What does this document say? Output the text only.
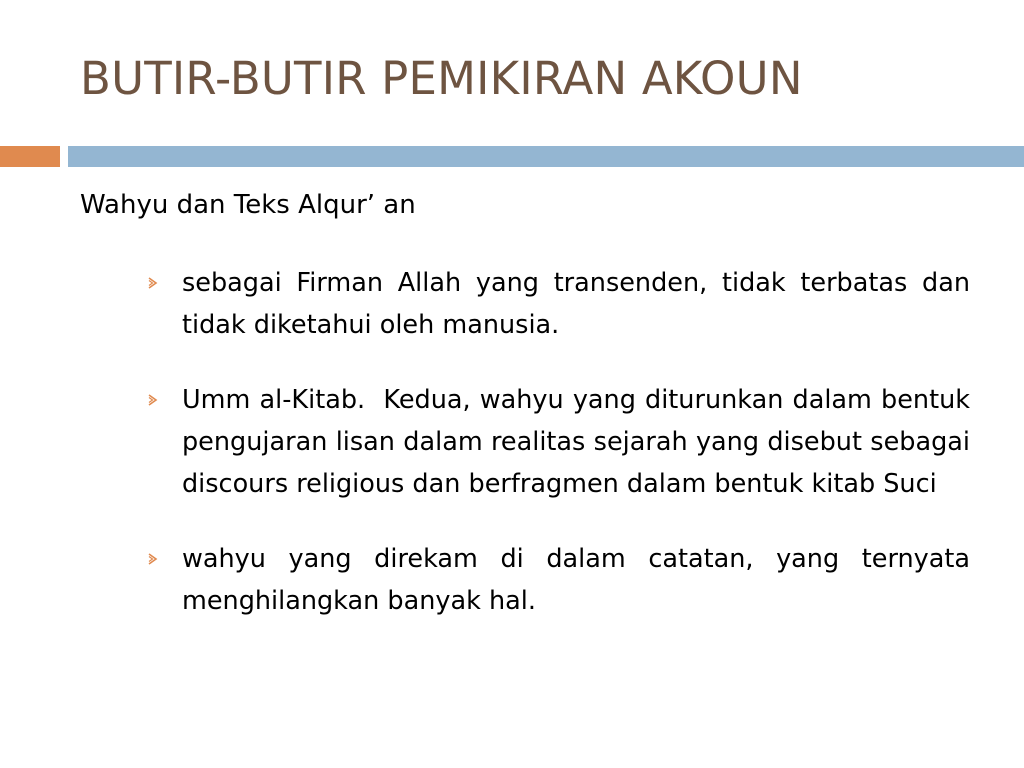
BUTIR-BUTIR PEMIKIRAN AKOUN

Wahyu dan Teks Alqur’ an

sebagai Firman Allah yang transenden, tidak terbatas dan tidak diketahui oleh manusia.
Umm al-Kitab.  Kedua, wahyu yang diturunkan dalam bentuk pengujaran lisan dalam realitas sejarah yang disebut sebagai discours religious dan berfragmen dalam bentuk kitab Suci
wahyu yang direkam di dalam catatan, yang ternyata menghilangkan banyak hal.
